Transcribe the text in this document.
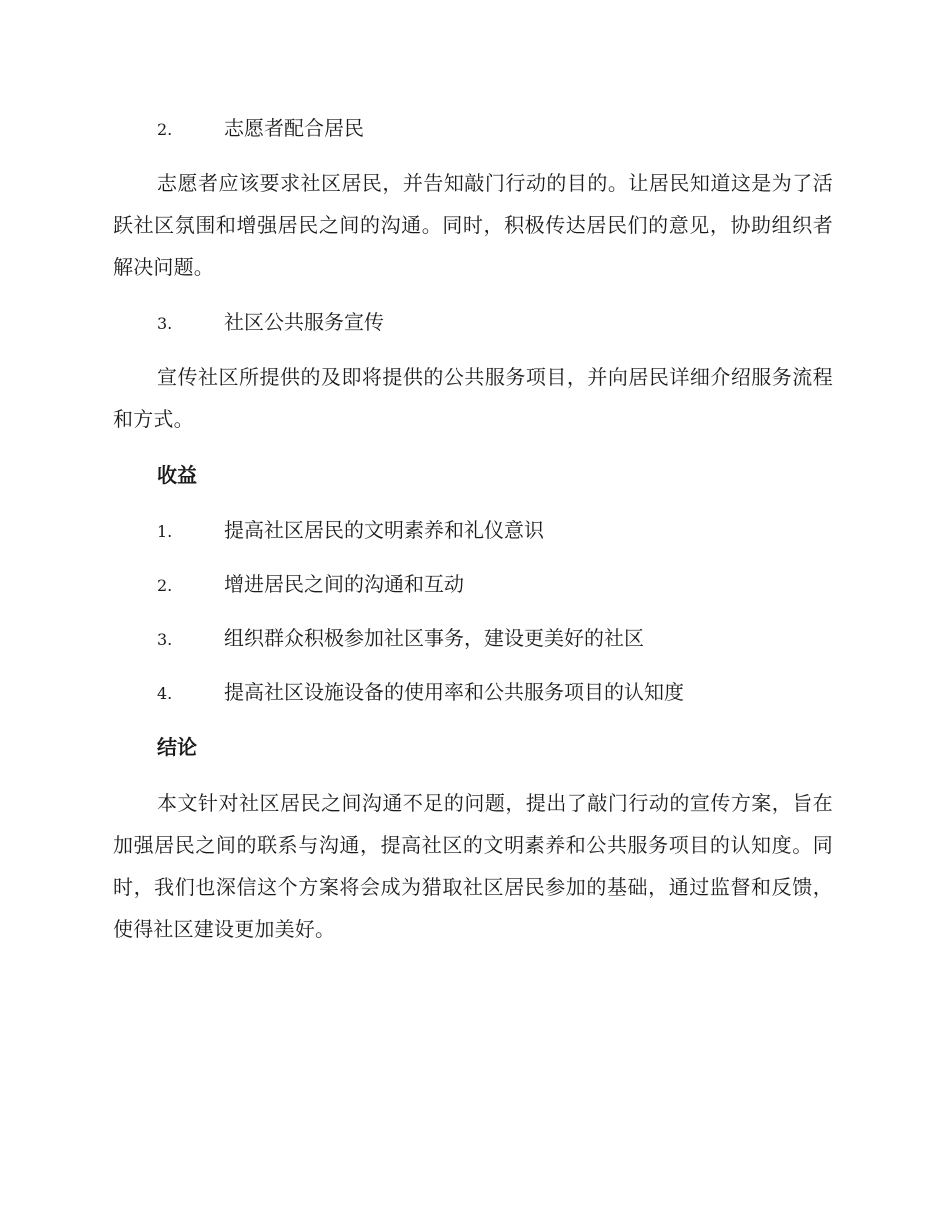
2.	志愿者配合居民

志愿者应该要求社区居民，并告知敲门行动的目的。让居民知道这是为了活跃社区氛围和增强居民之间的沟通。同时，积极传达居民们的意见，协助组织者解决问题。

3.	社区公共服务宣传

宣传社区所提供的及即将提供的公共服务项目，并向居民详细介绍服务流程和方式。

收益
1.	提高社区居民的文明素养和礼仪意识
2.	增进居民之间的沟通和互动
3.	组织群众积极参加社区事务，建设更美好的社区
4.	提高社区设施设备的使用率和公共服务项目的认知度
结论

本文针对社区居民之间沟通不足的问题，提出了敲门行动的宣传方案，旨在加强居民之间的联系与沟通，提高社区的文明素养和公共服务项目的认知度。同时，我们也深信这个方案将会成为猎取社区居民参加的基础，通过监督和反馈，使得社区建设更加美好。
